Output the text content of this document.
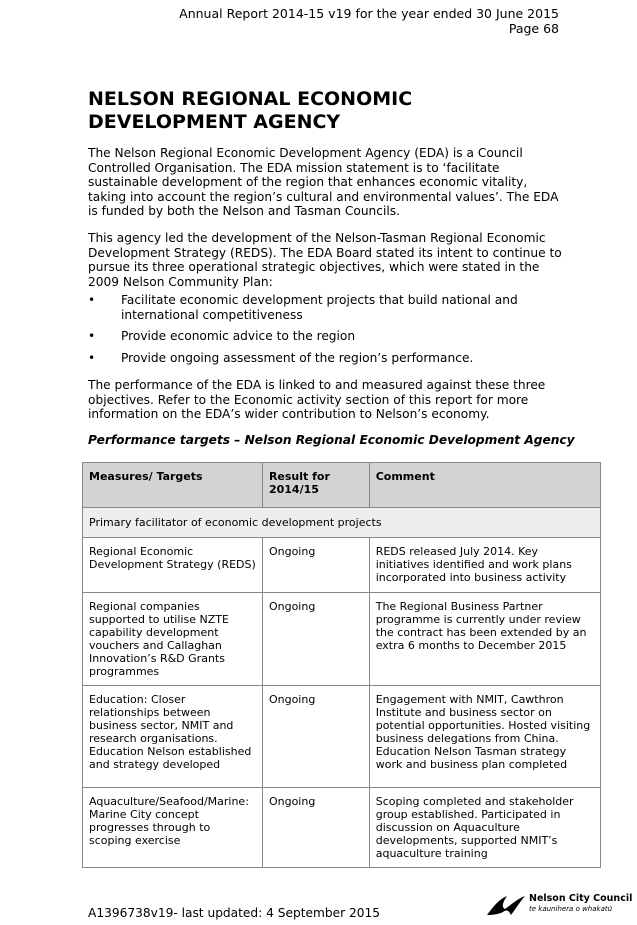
Annual Report 2014-15 v19 for the year ended 30 June 2015
Page 68
NELSON REGIONAL ECONOMIC DEVELOPMENT AGENCY

The Nelson Regional Economic Development Agency (EDA) is a Council Controlled Organisation. The EDA mission statement is to ‘facilitate sustainable development of the region that enhances economic vitality, taking into account the region’s cultural and environmental values’. The EDA is funded by both the Nelson and Tasman Councils.

This agency led the development of the Nelson-Tasman Regional Economic Development Strategy (REDS). The EDA Board stated its intent to continue to pursue its three operational strategic objectives, which were stated in the 2009 Nelson Community Plan:

• Facilitate economic development projects that build national and international competitiveness
• Provide economic advice to the region
• Provide ongoing assessment of the region’s performance.

The performance of the EDA is linked to and measured against these three objectives. Refer to the Economic activity section of this report for more information on the EDA’s wider contribution to Nelson’s economy.

Performance targets – Nelson Regional Economic Development Agency
Measures/ Targets	Result for 2014/15	Comment
Primary facilitator of economic development projects		
Regional Economic Development Strategy (REDS)	Ongoing	REDS released July 2014. Key initiatives identified and work plans incorporated into business activity
Regional companies supported to utilise NZTE capability development vouchers and Callaghan Innovation’s R&D Grants programmes	Ongoing	The Regional Business Partner programme is currently under review the contract has been extended by an extra 6 months to December 2015
Education: Closer relationships between business sector, NMIT and research organisations. Education Nelson established and strategy developed	Ongoing	Engagement with NMIT, Cawthron Institute and business sector on potential opportunities. Hosted visiting business delegations from China. Education Nelson Tasman strategy work and business plan completed
Aquaculture/Seafood/Marine: Marine City concept progresses through to scoping exercise	Ongoing	Scoping completed and stakeholder group established. Participated in discussion on Aquaculture developments, supported NMIT’s aquaculture training
A1396738v19- last updated: 4 September 2015
Nelson City Council
te kaunihera o whakatū
